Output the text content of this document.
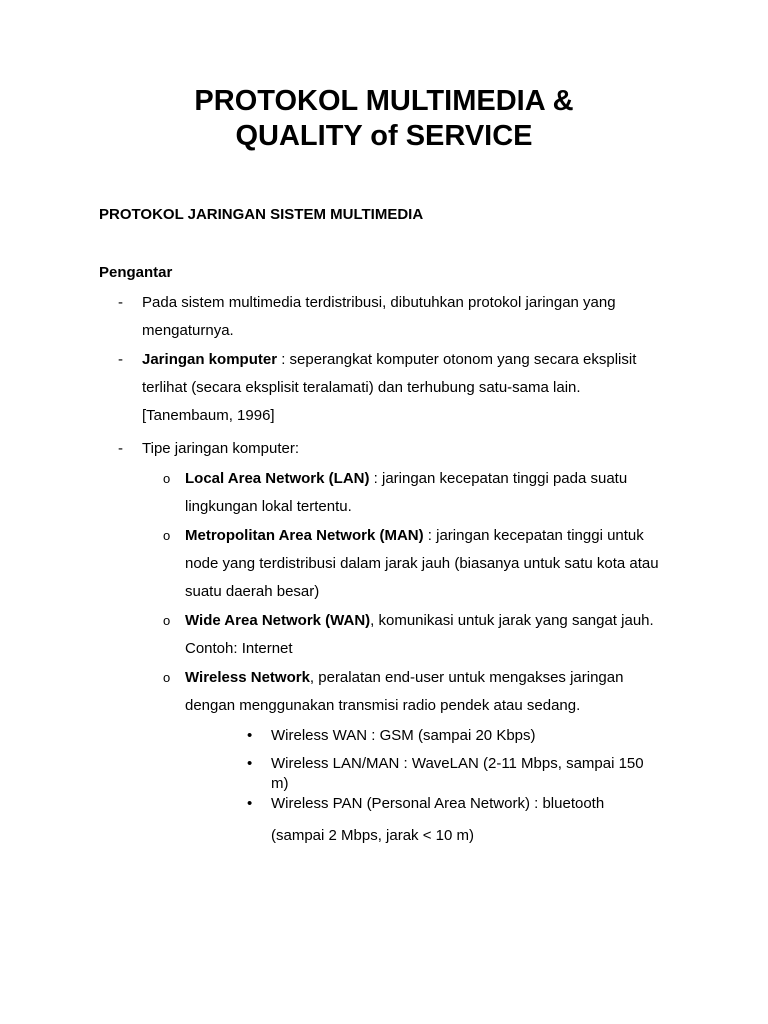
PROTOKOL MULTIMEDIA &
QUALITY of SERVICE
PROTOKOL JARINGAN SISTEM MULTIMEDIA
Pengantar
- Pada sistem multimedia terdistribusi, dibutuhkan protokol jaringan yang mengaturnya.
- Jaringan komputer : seperangkat komputer otonom yang secara eksplisit terlihat (secara eksplisit teralamati) dan terhubung satu-sama lain. [Tanembaum, 1996]
- Tipe jaringan komputer:
o Local Area Network (LAN) : jaringan kecepatan tinggi pada suatu lingkungan lokal tertentu.
o Metropolitan Area Network (MAN) : jaringan kecepatan tinggi untuk node yang terdistribusi dalam jarak jauh (biasanya untuk satu kota atau suatu daerah besar)
o Wide Area Network (WAN), komunikasi untuk jarak yang sangat jauh. Contoh: Internet
o Wireless Network, peralatan end-user untuk mengakses jaringan dengan menggunakan transmisi radio pendek atau sedang.
• Wireless WAN : GSM (sampai 20 Kbps)
• Wireless LAN/MAN : WaveLAN (2-11 Mbps, sampai 150 m)
• Wireless PAN (Personal Area Network) : bluetooth
(sampai 2 Mbps, jarak < 10 m)
